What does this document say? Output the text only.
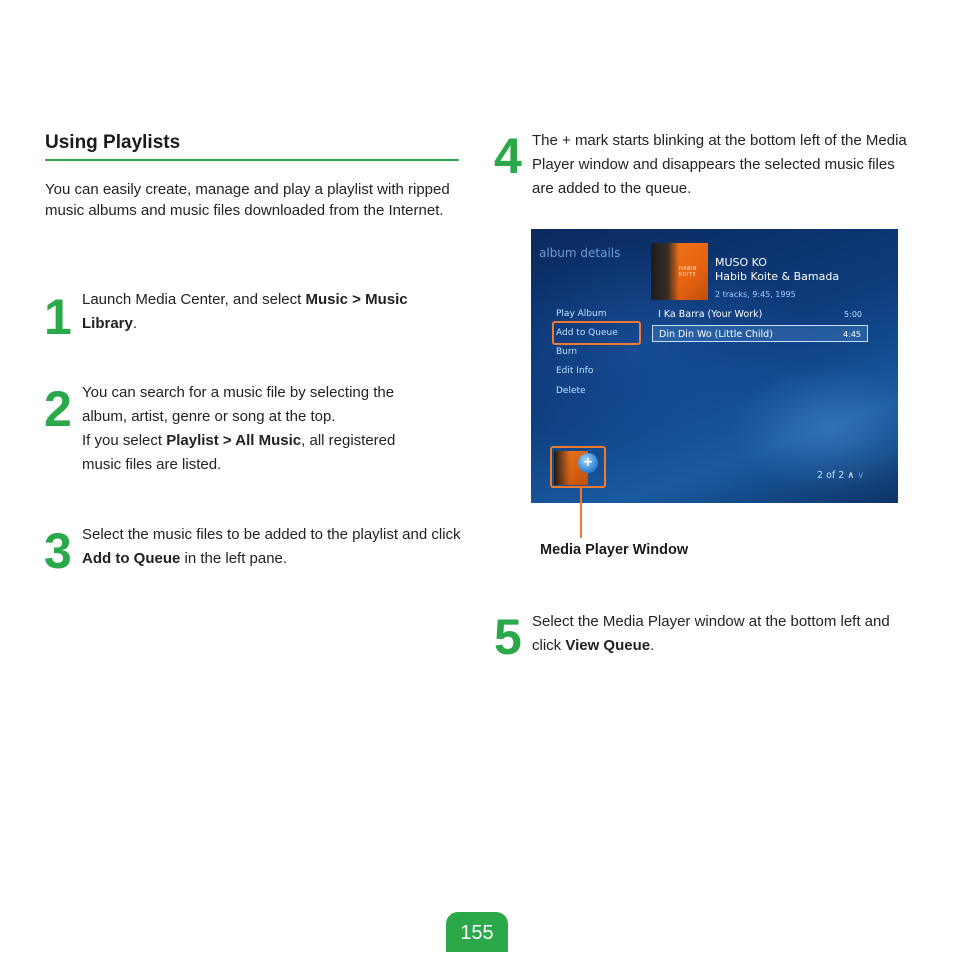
Using Playlists
You can easily create, manage and play a playlist with ripped music albums and music files downloaded from the Internet.
1 Launch Media Center, and select Music > Music Library.
2 You can search for a music file by selecting the album, artist, genre or song at the top.
If you select Playlist > All Music, all registered music files are listed.
3 Select the music files to be added to the playlist and click Add to Queue in the left pane.
4 The + mark starts blinking at the bottom left of the Media Player window and disappears the selected music files are added to the queue.
album details
HABIB KOITE
MUSO KO
Habib Koite & Bamada
2 tracks, 9:45, 1995
Play Album
Add to Queue
Burn
Edit Info
Delete
I Ka Barra (Your Work)	5:00
Din Din Wo (Little Child)	4:45
+
2 of 2 ∧ ∨
Media Player Window
5 Select the Media Player window at the bottom left and click View Queue.
155
